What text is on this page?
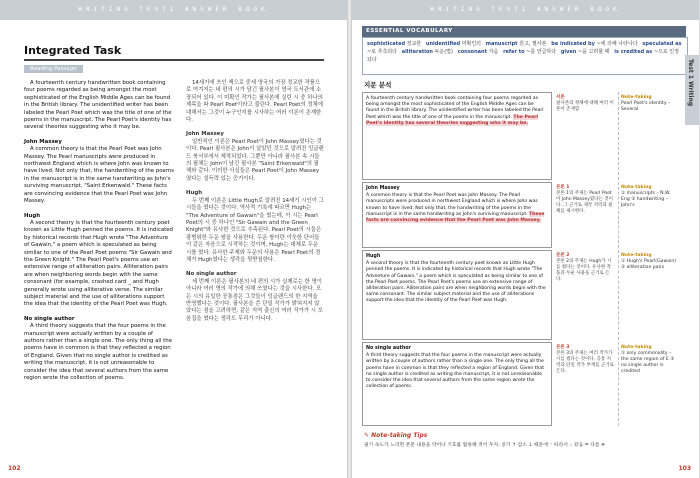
WRITING TEST1 ANSWER BOOK
Integrated Task
Reading Passage

A fourteenth century handwritten book containing four poems regarded as being amongst the most sophisticated of the English Middle Ages can be found in the British library. The unidentified writer has been labeled the Pearl Poet which was the title of one of the poems in the manuscript. The Pearl Poet's identity has several theories suggesting who it may be.

John Massey

A common theory is that the Pearl Poet was John Massey. The Pearl manuscripts were produced in northwest England which is where John was known to have lived. Not only that, the handwriting of the poems in the manuscript is in the same handwriting as John's surviving manuscript, "Saint Erkenwald." These facts are convincing evidence that the Pearl Poet was John Massey.

Hugh

A second theory is that the fourteenth century poet known as Little Hugh penned the poems. It is indicated by historical records that Hugh wrote "The Adventure of Gawain," a poem which is speculated as being similar to one of the Pearl Poet poems "Sir Gawain and the Green Knight." The Pearl Poet's poems use an extensive range of alliteration pairs. Alliteration pairs are when neighboring words begin with the same consonant (for example, crashed card _ and Hugh generally wrote using alliterative verse. The similar subject material and the use of alliterations support the idea that the identity of the Pearl Poet was Hugh.

No single author

A third theory suggests that the four poems in the manuscript were actually written by a couple of authors rather than a single one. The only thing all the poems have in common is that they reflected a region of England. Given that no single author is credited as writing the manuscript, it is not unreasonable to consider the idea that several authors from the same region wrote the collection of poems.

14세기에 쓰인 책으로 중세 영국의 가장 정교한 작품으로 여겨지는 네 편의 시가 담긴 필사본이 영국 도서관에 소장되어 있다. 이 미확인 작가는 필사본에 실린 시 중 하나의 제목을 따 Pearl Poet이라고 불린다. Pearl Poet의 정체에 대해서는 그것이 누구인지를 시사하는 여러 이론이 존재한다.

John Massey

일반적인 이론은 Pearl Poet이 John Massey였다는 것이다. Pearl 필사본은 John이 살았던 것으로 알려진 잉글랜드 북서부에서 제작되었다. 그뿐만 아니라 필사본 속 시들의 필체는 John이 남긴 필사본 "Saint Erkenwald"의 필체와 같다. 이러한 사실들은 Pearl Poet이 John Massey였다는 설득력 있는 증거이다.

Hugh

두 번째 이론은 Little Hugh로 알려진 14세기 시인이 그 시들을 썼다는 것이다. 역사적 기록에 따르면 Hugh는 "The Adventure of Gawain"을 썼는데, 이 시는 Pearl Poet의 시 중 하나인 "Sir Gawain and the Green Knight"와 유사한 것으로 추측된다. Pearl Poet의 시들은 광범위한 두운 쌍을 사용한다. 두운 쌍이란 이웃한 단어들이 같은 자음으로 시작하는 것이며, Hugh는 대체로 두운 시를 썼다. 유사한 주제와 두운의 사용은 Pearl Poet의 정체가 Hugh였다는 생각을 뒷받침한다.

No single author

세 번째 이론은 필사본의 네 편의 시가 실제로는 한 명이 아니라 여러 명의 작가에 의해 쓰였다는 것을 시사한다. 모든 시의 유일한 공통점은 그것들이 잉글랜드의 한 지역을 반영했다는 것이다. 필사본을 쓴 단일 작가가 밝혀지지 않았다는 점을 고려하면, 같은 지역 출신의 여러 작가가 시 모음집을 썼다는 생각도 무리가 아니다.

102
WRITING TEST1 ANSWER BOOK
ESSENTIAL VOCABULARY
sophisticated 정교한 unidentified 미확인의 manuscript 원고, 필사본 be indicated by ~에 의해 나타나다 speculated as ~로 추측되다 alliteration 두운(법) consonant 자음 refer to ~를 언급하다 given ~을 고려할 때 is credited as ~으로 인정되다	Test 1 Writing
지문 분석
A fourteenth century handwritten book containing four poems regarded as being amongst the most sophisticated of the English Middle Ages can be found in the British library. The unidentified writer has been labeled the Pearl Poet which was the title of one of the poems in the manuscript. The Pearl Poet's identity has several theories suggesting who it may be.
서론
필사본의 정체에 대해 여러 이론이 존재함
Note-taking
Pearl Poet's identity – Several
John Massey
A common theory is that the Pearl Poet was John Massey. The Pearl manuscripts were produced in northwest England which is where John was known to have lived. Not only that, the handwriting of the poems in the manuscript is in the same handwriting as John's surviving manuscript. These facts are convincing evidence that the Pearl Poet was John Massey.
본론 1
본론 1의 주제는 Pearl Poet이 John Massey였다는 것이다. 그 근거로 제작 지역과 필체를 제시한다.
Note-taking
① manuscripts – N.W. Eng ② handwriting – John's
Hugh
A second theory is that the fourteenth century poet known as Little Hugh penned the poems. It is indicated by historical records that Hugh wrote "The Adventure of Gawain," a poem which is speculated as being similar to one of the Pearl Poet poems. The Pearl Poet's poems use an extensive range of alliteration pairs. Alliteration pairs are when neighboring words begin with the same consonant. The similar subject material and the use of alliterations support the idea that the identity of the Pearl Poet was Hugh.
본론 2
본론 2의 주제는 Hugh가 시를 썼다는 것이다. 유사한 작품과 두운 사용을 근거로 든다.
Note-taking
① Hugh's Pearl(Gawain) ② alliteration pairs
No single author
A third theory suggests that the four poems in the manuscript were actually written by a couple of authors rather than a single one. The only thing all the poems have in common is that they reflected a region of England. Given that no single author is credited as writing the manuscript, it is not unreasonable to consider the idea that several authors from the same region wrote the collection of poems.
본론 3
본론 3의 주제는 여러 작가가 시를 썼다는 것이다. 공통 지역과 단일 작가 부재를 근거로 든다.
Note-taking
① only commonality – the same region of E ② no single author is credited
✎ Note-taking Tips
필기 속도가 느리면 본문 내용을 약어나 기호를 활용해 적어 두자. 증가 ↑ 감소 ↓ 때문에 ∵ 따라서 ∴ 같음 = 다름 ≠
103
